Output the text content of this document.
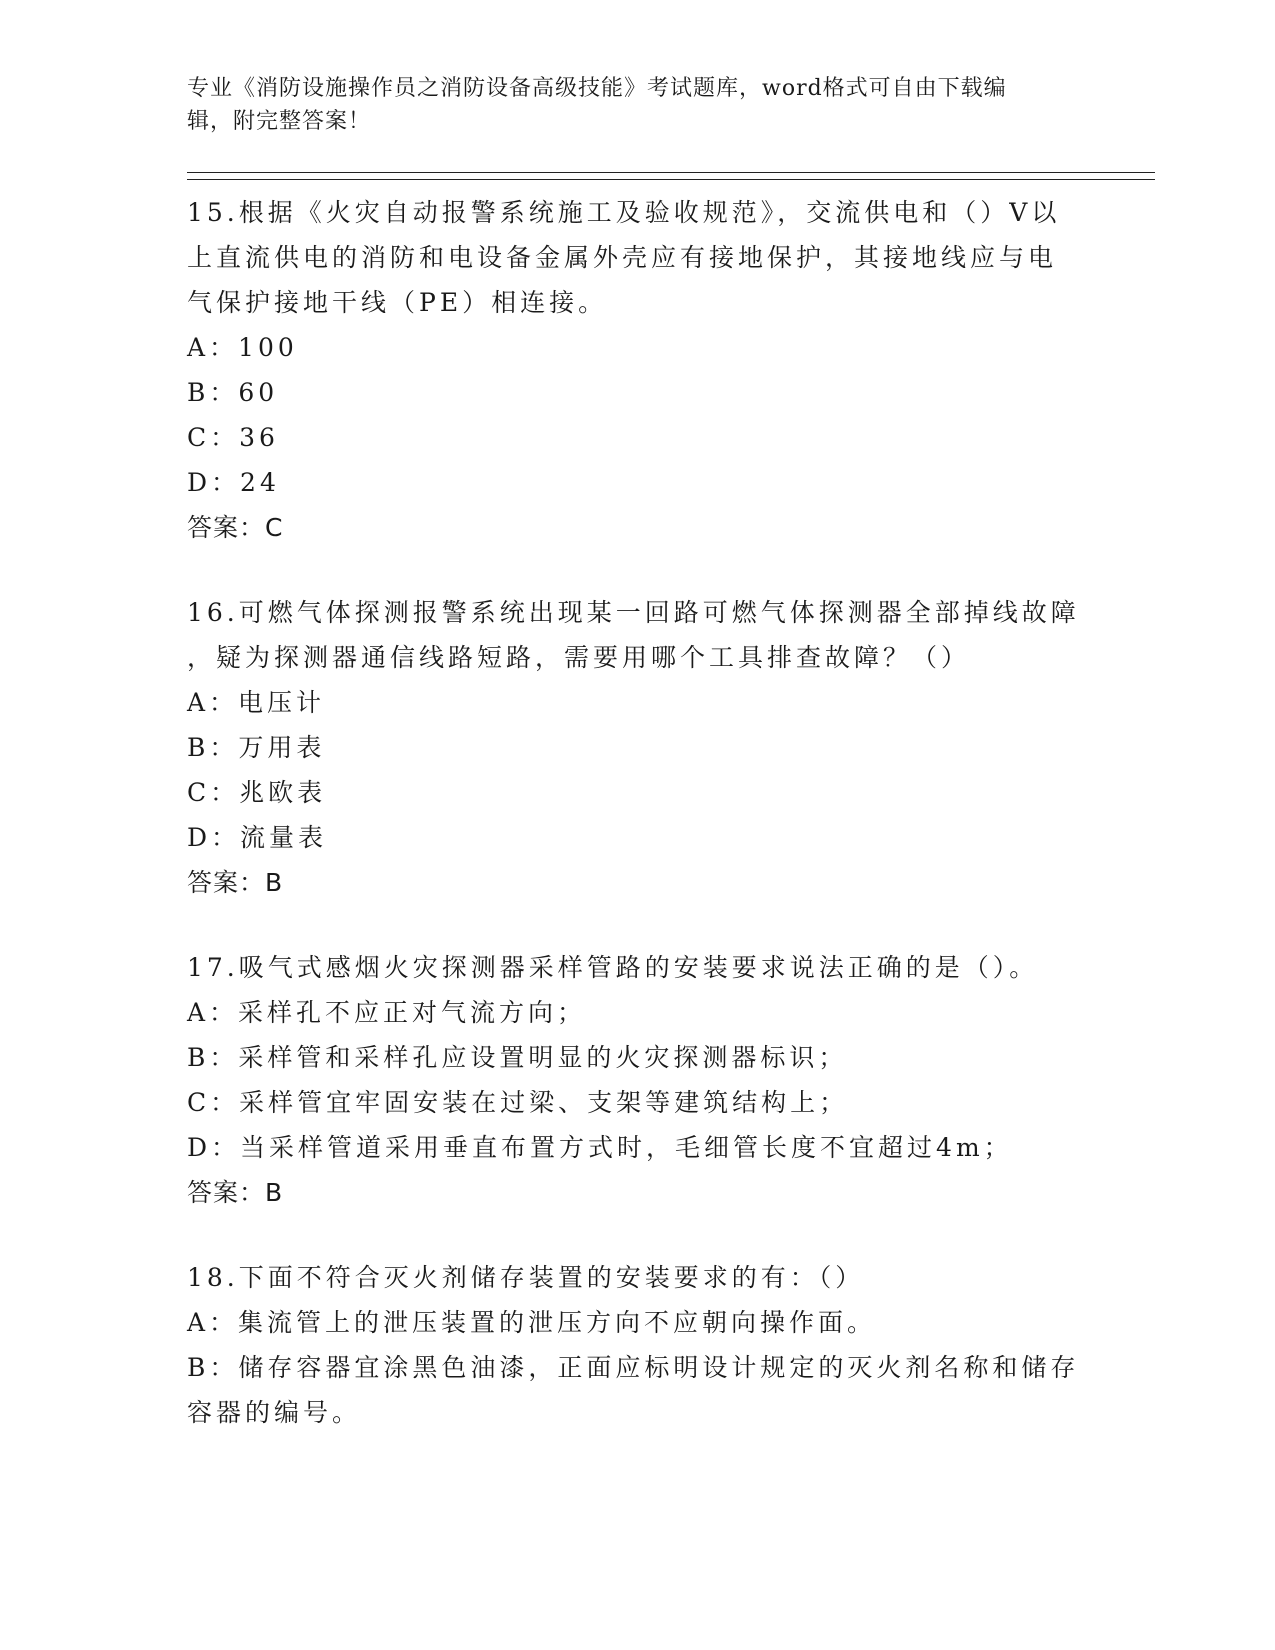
专业《消防设施操作员之消防设备高级技能》考试题库，word格式可自由下载编
辑，附完整答案！
15.根据《火灾自动报警系统施工及验收规范》，交流供电和（）V以
上直流供电的消防和电设备金属外壳应有接地保护，其接地线应与电
气保护接地干线（PE）相连接。
A：100
B：60
C：36
D：24
答案：C
16.可燃气体探测报警系统出现某一回路可燃气体探测器全部掉线故障
，疑为探测器通信线路短路，需要用哪个工具排查故障？（）
A：电压计
B：万用表
C：兆欧表
D：流量表
答案：B
17.吸气式感烟火灾探测器采样管路的安装要求说法正确的是（）。
A：采样孔不应正对气流方向；
B：采样管和采样孔应设置明显的火灾探测器标识；
C：采样管宜牢固安装在过梁、支架等建筑结构上；
D：当采样管道采用垂直布置方式时，毛细管长度不宜超过4m；
答案：B
18.下面不符合灭火剂储存装置的安装要求的有：（）
A：集流管上的泄压装置的泄压方向不应朝向操作面。
B：储存容器宜涂黑色油漆，正面应标明设计规定的灭火剂名称和储存容器的编号。
